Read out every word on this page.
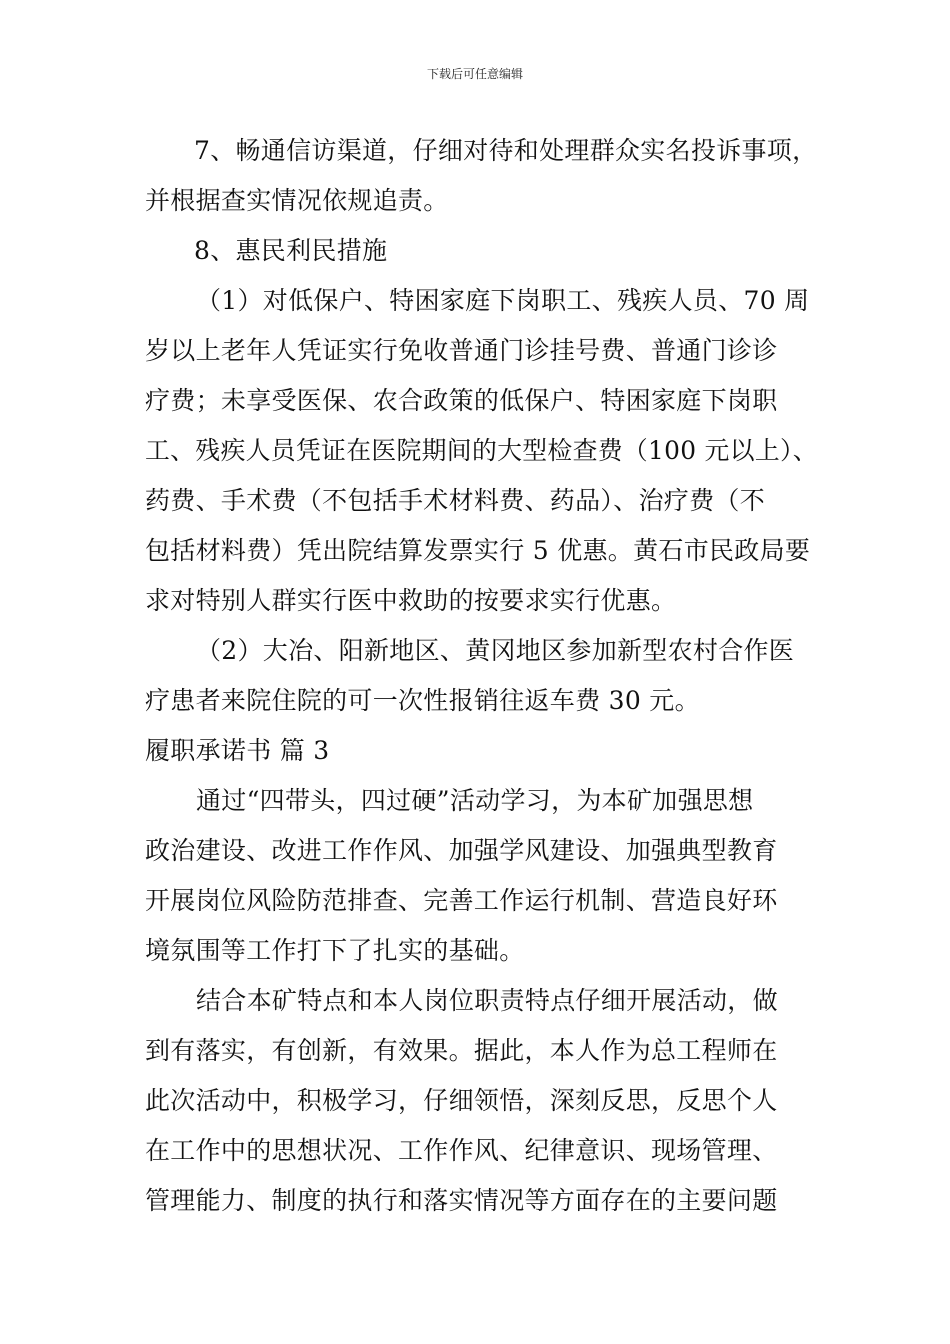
下载后可任意编辑
7、畅通信访渠道，仔细对待和处理群众实名投诉事项，
并根据查实情况依规追责。
8、惠民利民措施
（1）对低保户、特困家庭下岗职工、残疾人员、70 周
岁以上老年人凭证实行免收普通门诊挂号费、普通门诊诊
疗费；未享受医保、农合政策的低保户、特困家庭下岗职
工、残疾人员凭证在医院期间的大型检查费（100 元以上）、
药费、手术费（不包括手术材料费、药品）、治疗费（不
包括材料费）凭出院结算发票实行 5 优惠。黄石市民政局要
求对特别人群实行医中救助的按要求实行优惠。
（2）大冶、阳新地区、黄冈地区参加新型农村合作医
疗患者来院住院的可一次性报销往返车费 30 元。
履职承诺书 篇 3
通过“四带头，四过硬”活动学习，为本矿加强思想
政治建设、改进工作作风、加强学风建设、加强典型教育
开展岗位风险防范排查、完善工作运行机制、营造良好环
境氛围等工作打下了扎实的基础。
结合本矿特点和本人岗位职责特点仔细开展活动，做
到有落实，有创新，有效果。据此，本人作为总工程师在
此次活动中，积极学习，仔细领悟，深刻反思，反思个人
在工作中的思想状况、工作作风、纪律意识、现场管理、
管理能力、制度的执行和落实情况等方面存在的主要问题
